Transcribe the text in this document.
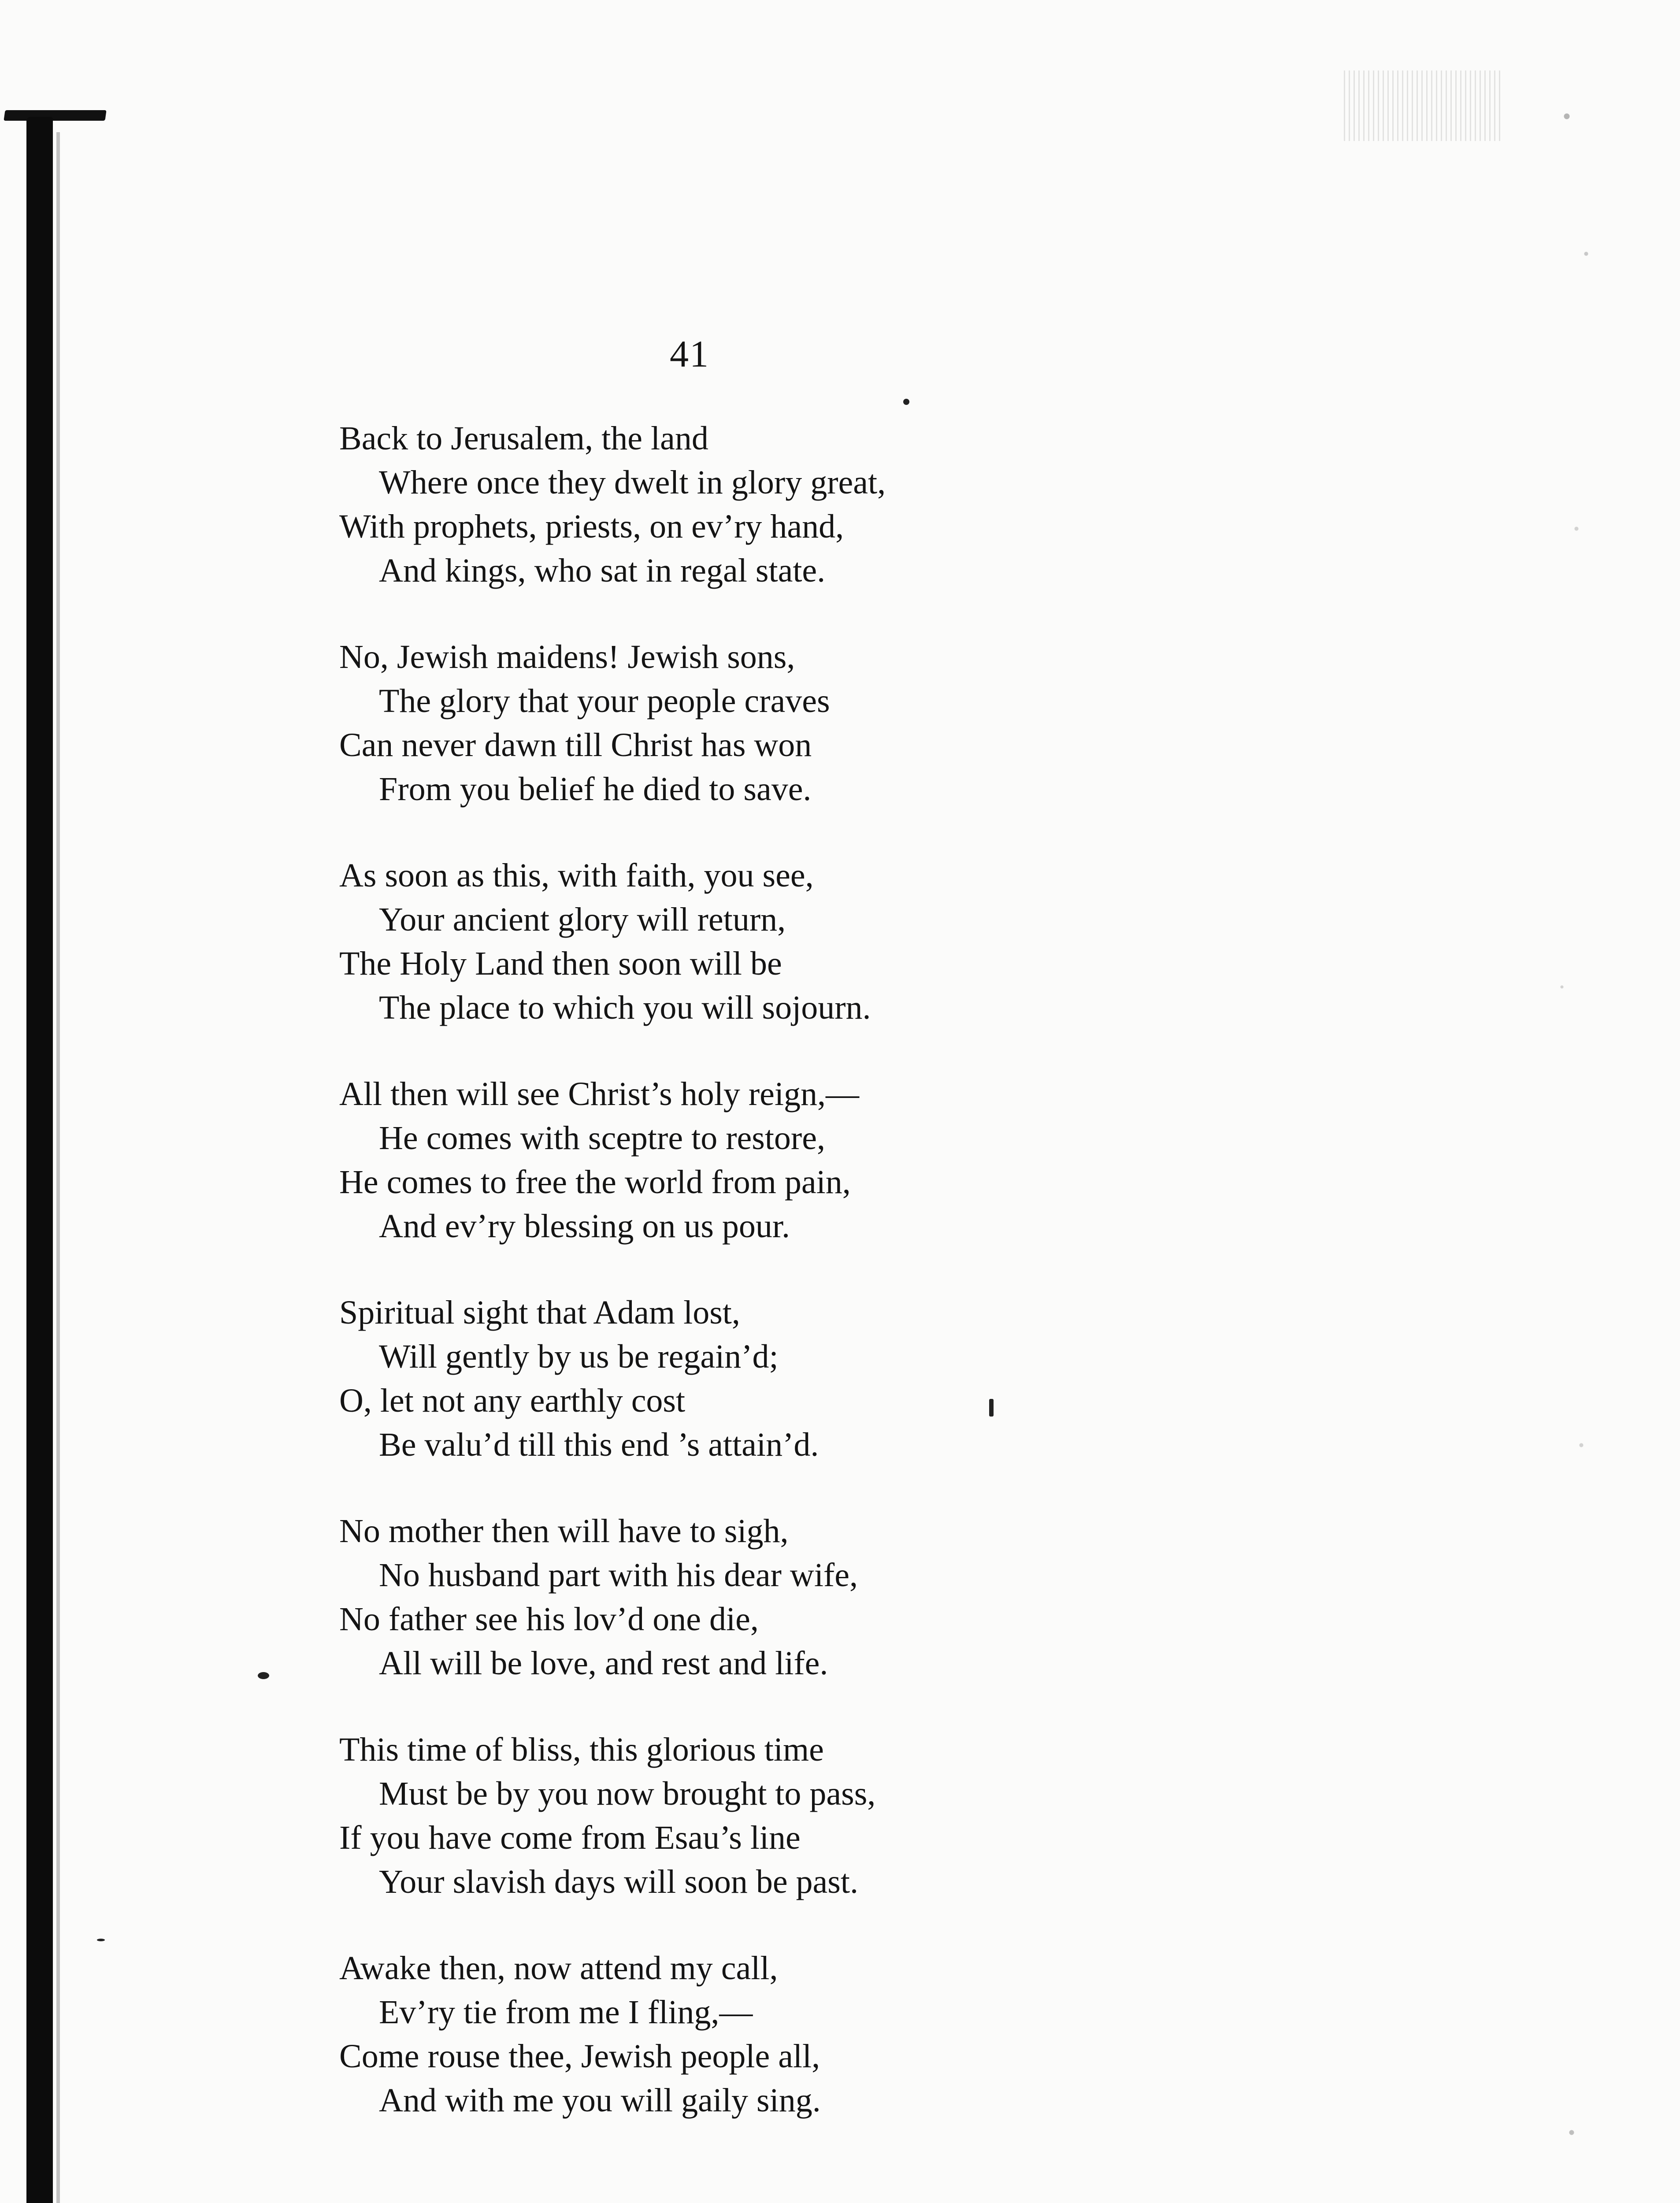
41
Back to Jerusalem, the land
Where once they dwelt in glory great,
With prophets, priests, on ev’ry hand,
And kings, who sat in regal state.
No, Jewish maidens! Jewish sons,
The glory that your people craves
Can never dawn till Christ has won
From you belief he died to save.
As soon as this, with faith, you see,
Your ancient glory will return,
The Holy Land then soon will be
The place to which you will sojourn.
All then will see Christ’s holy reign,—
He comes with sceptre to restore,
He comes to free the world from pain,
And ev’ry blessing on us pour.
Spiritual sight that Adam lost,
Will gently by us be regain’d;
O, let not any earthly cost
Be valu’d till this end ’s attain’d.
No mother then will have to sigh,
No husband part with his dear wife,
No father see his lov’d one die,
All will be love, and rest and life.
This time of bliss, this glorious time
Must be by you now brought to pass,
If you have come from Esau’s line
Your slavish days will soon be past.
Awake then, now attend my call,
Ev’ry tie from me I fling,—
Come rouse thee, Jewish people all,
And with me you will gaily sing.
